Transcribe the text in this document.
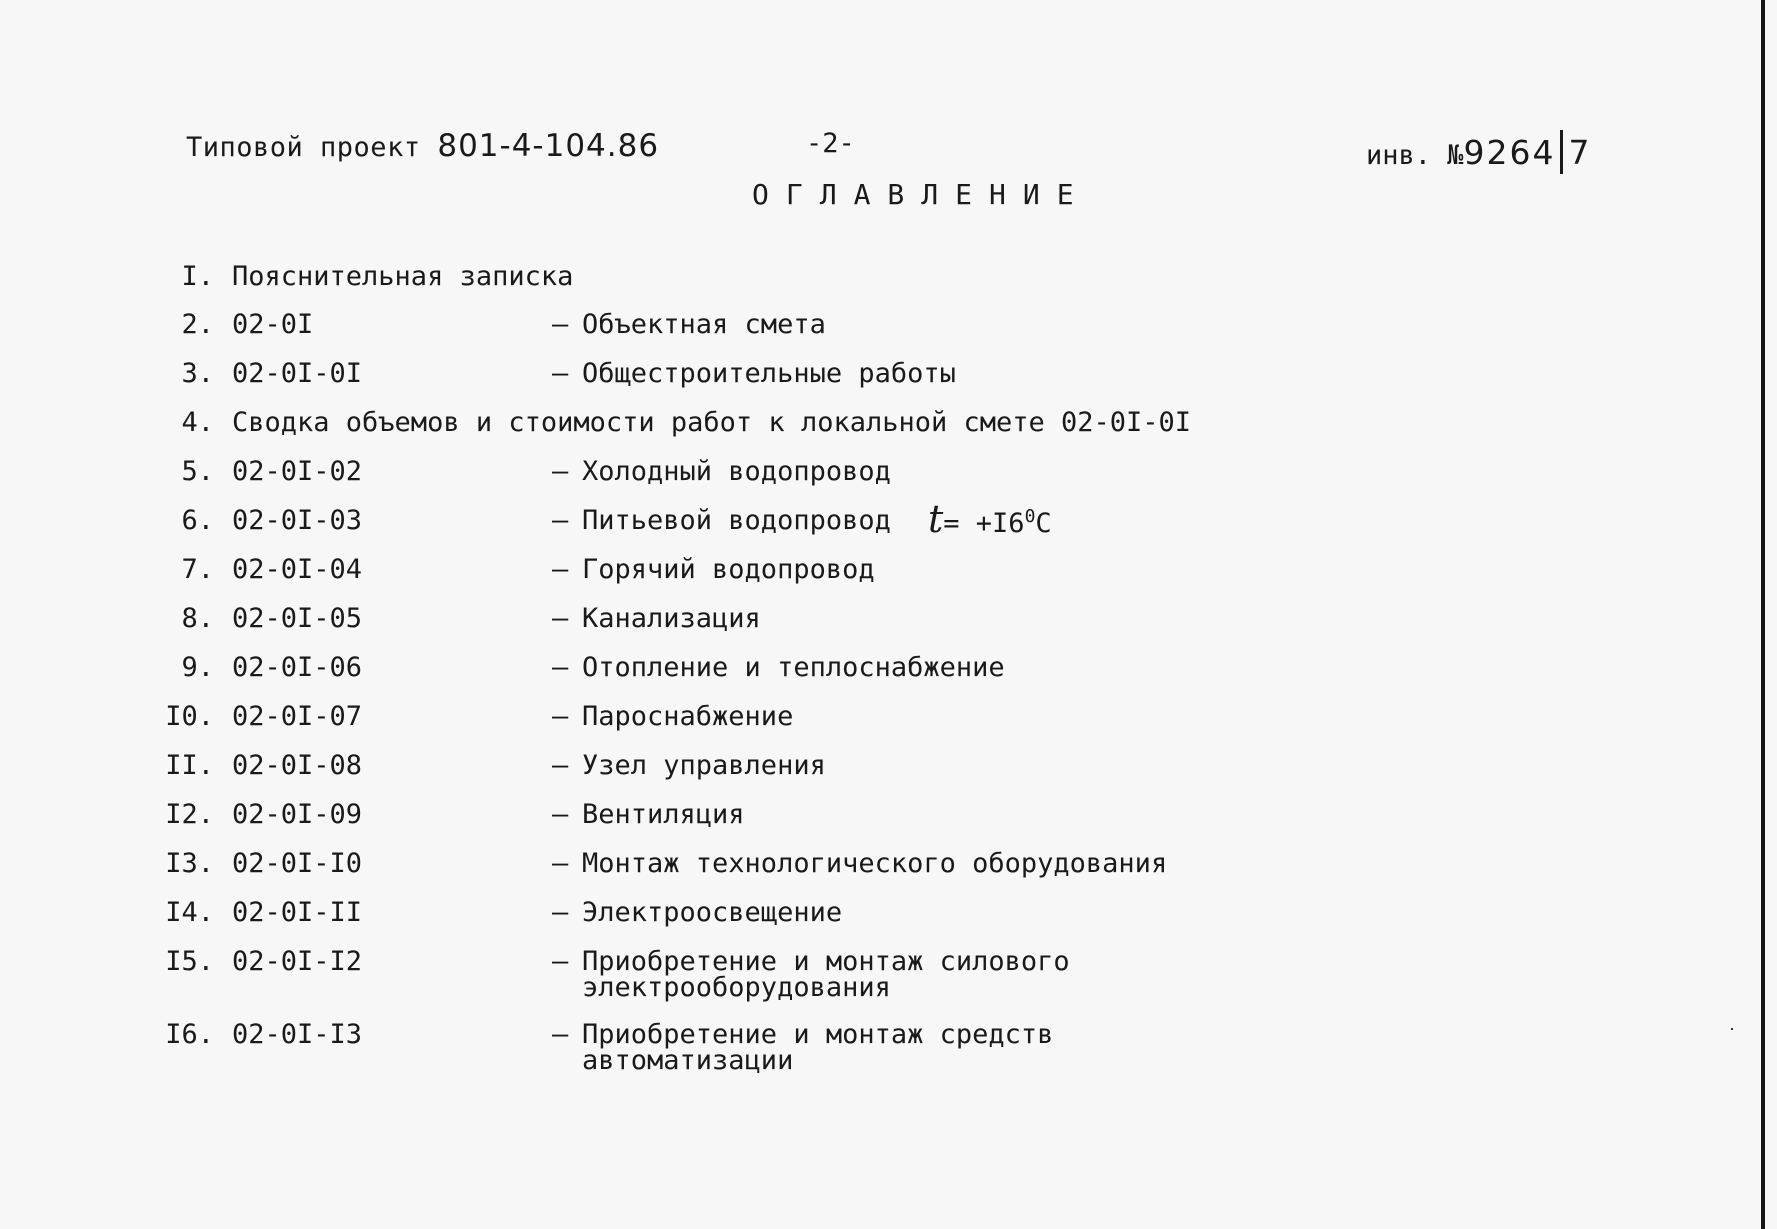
Типовой проект 801-4-104.86	-2-	инв. №9264 7
ОГЛАВЛЕНИЕ
I. Пояснительная записка
2. 02-0I	– Объектная смета
3. 02-0I-0I	– Общестроительные работы
4. Сводка объемов и стоимости работ к локальной смете 02-0I-0I
5. 02-0I-02	– Холодный водопровод
6. 02-0I-03	– Питьевой водопровод $t= +I6^0C$
7. 02-0I-04	– Горячий водопровод
8. 02-0I-05	– Канализация
9. 02-0I-06	– Отопление и теплоснабжение
I0. 02-0I-07	– Пароснабжение
II. 02-0I-08	– Узел управления
I2. 02-0I-09	– Вентиляция
I3. 02-0I-I0	– Монтаж технологического оборудования
I4. 02-0I-II	– Электроосвещение
I5. 02-0I-I2	– Приобретение и монтаж силового
электрооборудования
I6. 02-0I-I3	– Приобретение и монтаж средств
автоматизации
